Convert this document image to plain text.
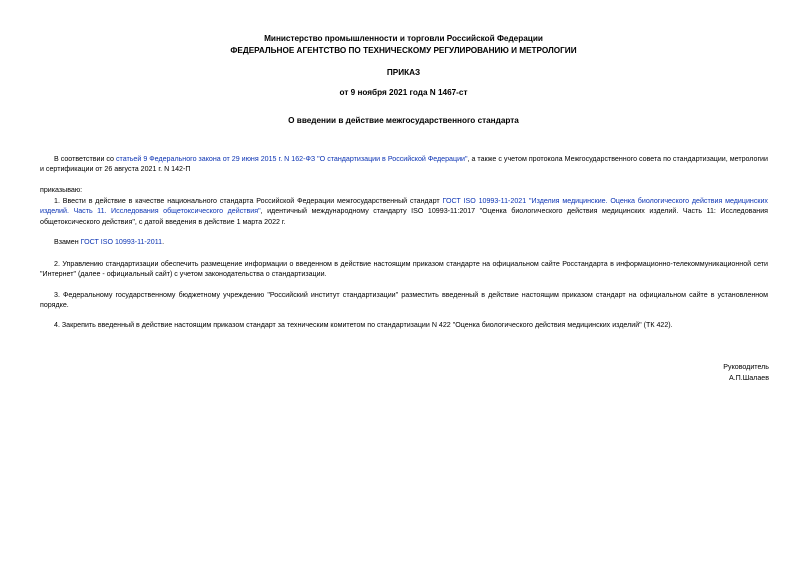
Министерство промышленности и торговли Российской Федерации
ФЕДЕРАЛЬНОЕ АГЕНТСТВО ПО ТЕХНИЧЕСКОМУ РЕГУЛИРОВАНИЮ И МЕТРОЛОГИИ
ПРИКАЗ
от 9 ноября 2021 года N 1467-ст
О введении в действие межгосударственного стандарта

В соответствии со статьей 9 Федерального закона от 29 июня 2015 г. N 162-ФЗ "О стандартизации в Российской Федерации", а также с учетом протокола Межгосударственного совета по стандартизации, метрологии и сертификации от 26 августа 2021 г. N 142-П

приказываю:

1. Ввести в действие в качестве национального стандарта Российской Федерации межгосударственный стандарт ГОСТ ISO 10993-11-2021 "Изделия медицинские. Оценка биологического действия медицинских изделий. Часть 11. Исследования общетоксического действия", идентичный международному стандарту ISO 10993-11:2017 "Оценка биологического действия медицинских изделий. Часть 11: Исследования общетоксического действия", с датой введения в действие 1 марта 2022 г.

Взамен ГОСТ ISO 10993-11-2011.

2. Управлению стандартизации обеспечить размещение информации о введенном в действие настоящим приказом стандарте на официальном сайте Росстандарта в информационно-телекоммуникационной сети "Интернет" (далее - официальный сайт) с учетом законодательства о стандартизации.

3. Федеральному государственному бюджетному учреждению "Российский институт стандартизации" разместить введенный в действие настоящим приказом стандарт на официальном сайте в установленном порядке.

4. Закрепить введенный в действие настоящим приказом стандарт за техническим комитетом по стандартизации N 422 "Оценка биологического действия медицинских изделий" (ТК 422).

Руководитель
А.П.Шалаев
